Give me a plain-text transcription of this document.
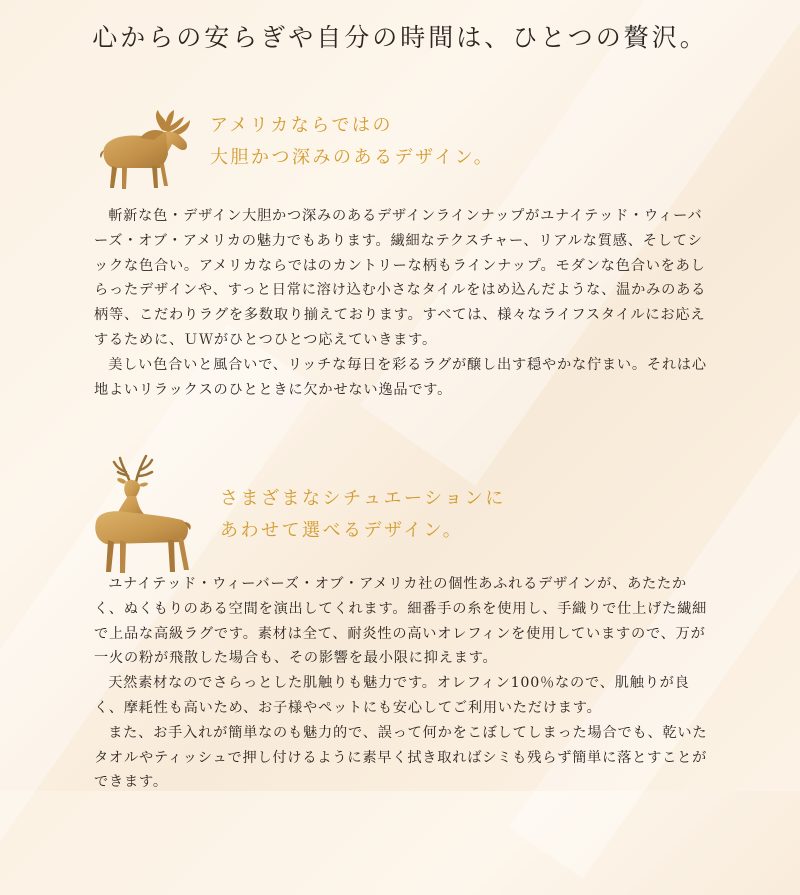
心からの安らぎや自分の時間は、ひとつの贅沢。
アメリカならではの
大胆かつ深みのあるデザイン。

斬新な色・デザイン大胆かつ深みのあるデザインラインナップがユナイテッド・ウィーバーズ・オブ・アメリカの魅力でもあります。繊細なテクスチャー、リアルな質感、そしてシックな色合い。アメリカならではのカントリーな柄もラインナップ。モダンな色合いをあしらったデザインや、すっと日常に溶け込む小さなタイルをはめ込んだような、温かみのある柄等、こだわりラグを多数取り揃えております。すべては、様々なライフスタイルにお応えするために、ＵＷがひとつひとつ応えていきます。

美しい色合いと風合いで、リッチな毎日を彩るラグが醸し出す穏やかな佇まい。それは心地よいリラックスのひとときに欠かせない逸品です。

さまざまなシチュエーションに
あわせて選べるデザイン。

ユナイテッド・ウィーバーズ・オブ・アメリカ社の個性あふれるデザインが、あたたかく、ぬくもりのある空間を演出してくれます。細番手の糸を使用し、手織りで仕上げた繊細で上品な高級ラグです。素材は全て、耐炎性の高いオレフィンを使用していますので、万が一火の粉が飛散した場合も、その影響を最小限に抑えます。

天然素材なのでさらっとした肌触りも魅力です。オレフィン100％なので、肌触りが良く、摩耗性も高いため、お子様やペットにも安心してご利用いただけます。

また、お手入れが簡単なのも魅力的で、誤って何かをこぼしてしまった場合でも、乾いたタオルやティッシュで押し付けるように素早く拭き取ればシミも残らず簡単に落とすことができます。
